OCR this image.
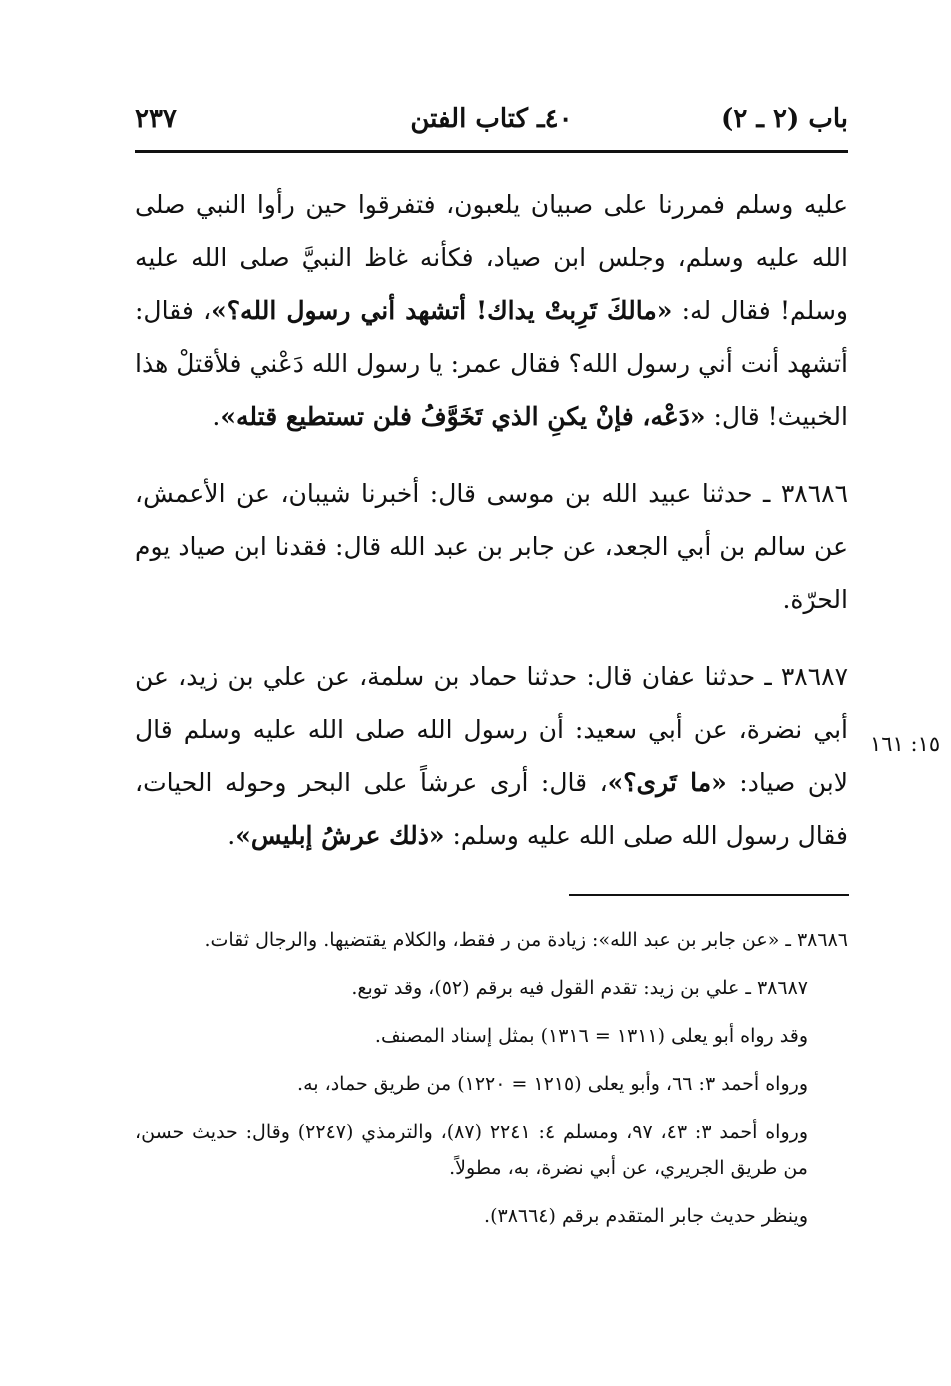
باب (٢ ـ ٢)
٤٠ـ كتاب الفتن
٢٣٧

عليه وسلم فمررنا على صبيان يلعبون، فتفرقوا حين رأوا النبي صلى الله عليه وسلم، وجلس ابن صياد، فكأنه غاظ النبيَّ صلى الله عليه وسلم! فقال له: «مالكَ تَرِبتْ يداك! أتشهد أني رسول الله؟»، فقال: أتشهد أنت أني رسول الله؟ فقال عمر: يا رسول الله دَعْني فلأقتلْ هذا الخبيث! قال: «دَعْه، فإنْ يكنِ الذي تَخَوَّفُ فلن تستطيع قتله».

٣٨٦٨٦ ـ حدثنا عبيد الله بن موسى قال: أخبرنا شيبان، عن الأعمش، عن سالم بن أبي الجعد، عن جابر بن عبد الله قال: فقدنا ابن صياد يوم الحرّة.

٣٨٦٨٧ ـ حدثنا عفان قال: حدثنا حماد بن سلمة، عن علي بن زيد، عن أبي نضرة، عن أبي سعيد: أن رسول الله صلى الله عليه وسلم قال لابن صياد: «ما تَرى؟»، قال: أرى عرشاً على البحر وحوله الحيات، فقال رسول الله صلى الله عليه وسلم: «ذلك عرشُ إبليس».

١٥: ١٦١

٣٨٦٨٦ ـ «عن جابر بن عبد الله»: زيادة من ر فقط، والكلام يقتضيها. والرجال ثقات.

٣٨٦٨٧ ـ علي بن زيد: تقدم القول فيه برقم (٥٢)، وقد توبع.

وقد رواه أبو يعلى (١٣١١ = ١٣١٦) بمثل إسناد المصنف.

ورواه أحمد ٣: ٦٦، وأبو يعلى (١٢١٥ = ١٢٢٠) من طريق حماد، به.

ورواه أحمد ٣: ٤٣، ٩٧، ومسلم ٤: ٢٢٤١ (٨٧)، والترمذي (٢٢٤٧) وقال: حديث حسن، من طريق الجريري، عن أبي نضرة، به، مطولاً.

وينظر حديث جابر المتقدم برقم (٣٨٦٦٤).
